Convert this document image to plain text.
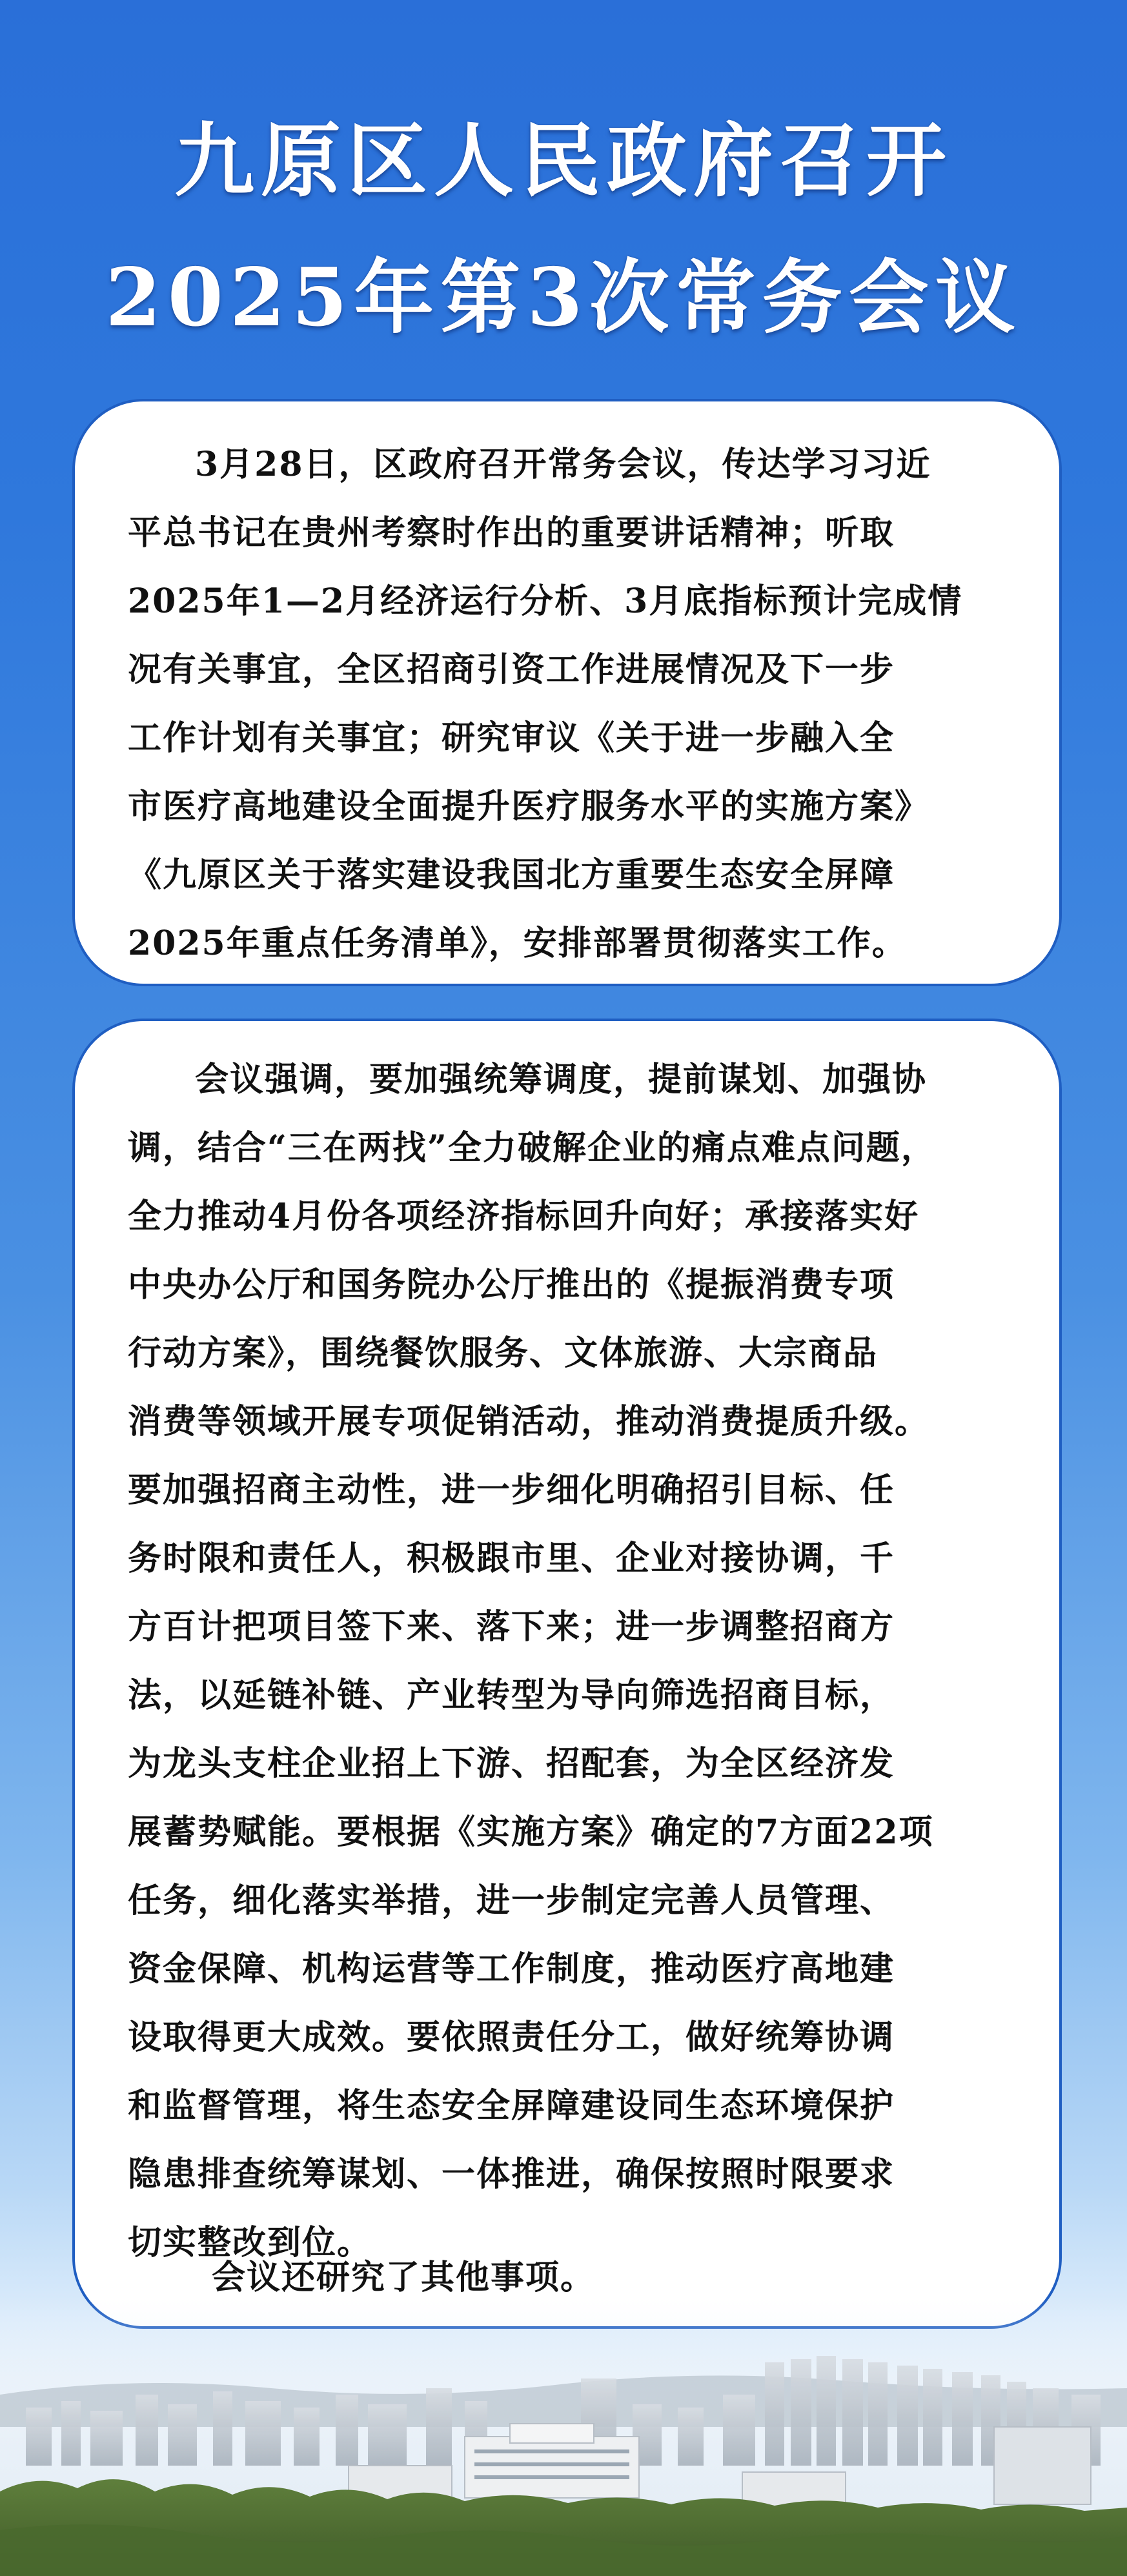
九原区人民政府召开
2025年第3次常务会议

3月28日，区政府召开常务会议，传达学习习近
平总书记在贵州考察时作出的重要讲话精神；听取
2025年1—2月经济运行分析、3月底指标预计完成情
况有关事宜，全区招商引资工作进展情况及下一步
工作计划有关事宜；研究审议《关于进一步融入全
市医疗高地建设全面提升医疗服务水平的实施方案》
《九原区关于落实建设我国北方重要生态安全屏障
2025年重点任务清单》，安排部署贯彻落实工作。

会议强调，要加强统筹调度，提前谋划、加强协
调，结合“三在两找”全力破解企业的痛点难点问题，
全力推动4月份各项经济指标回升向好；承接落实好
中央办公厅和国务院办公厅推出的《提振消费专项
行动方案》，围绕餐饮服务、文体旅游、大宗商品
消费等领域开展专项促销活动，推动消费提质升级。
要加强招商主动性，进一步细化明确招引目标、任
务时限和责任人，积极跟市里、企业对接协调，千
方百计把项目签下来、落下来；进一步调整招商方
法，以延链补链、产业转型为导向筛选招商目标，
为龙头支柱企业招上下游、招配套，为全区经济发
展蓄势赋能。要根据《实施方案》确定的7方面22项
任务，细化落实举措，进一步制定完善人员管理、
资金保障、机构运营等工作制度，推动医疗高地建
设取得更大成效。要依照责任分工，做好统筹协调
和监督管理，将生态安全屏障建设同生态环境保护
隐患排查统筹谋划、一体推进，确保按照时限要求
切实整改到位。

会议还研究了其他事项。
